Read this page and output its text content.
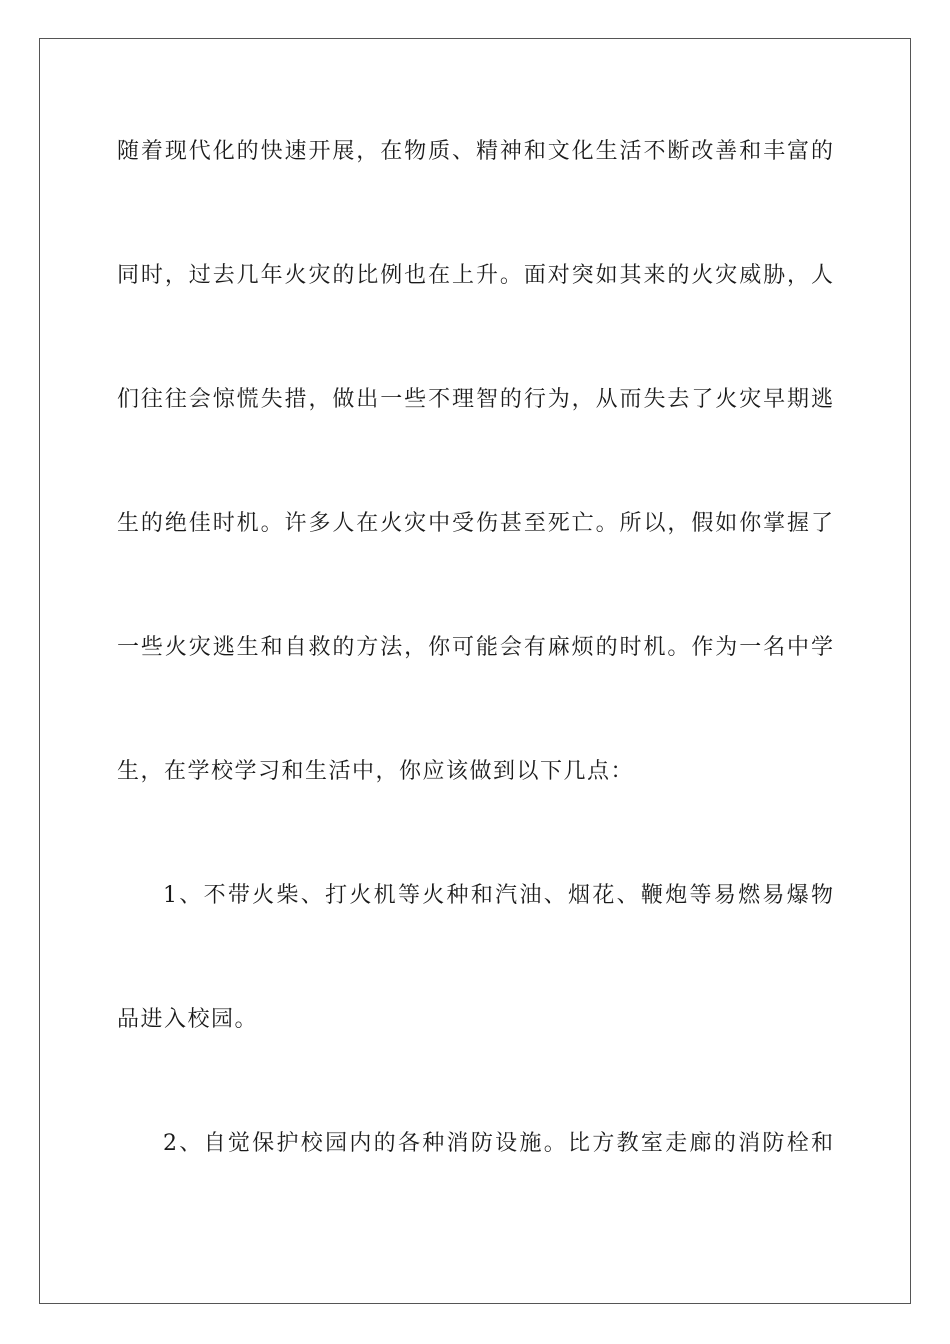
随着现代化的快速开展，在物质、精神和文化生活不断改善和丰富的
同时，过去几年火灾的比例也在上升。面对突如其来的火灾威胁，人
们往往会惊慌失措，做出一些不理智的行为，从而失去了火灾早期逃
生的绝佳时机。许多人在火灾中受伤甚至死亡。所以，假如你掌握了
一些火灾逃生和自救的方法，你可能会有麻烦的时机。作为一名中学
生，在学校学习和生活中，你应该做到以下几点：
1、不带火柴、打火机等火种和汽油、烟花、鞭炮等易燃易爆物
品进入校园。
2、自觉保护校园内的各种消防设施。比方教室走廊的消防栓和
